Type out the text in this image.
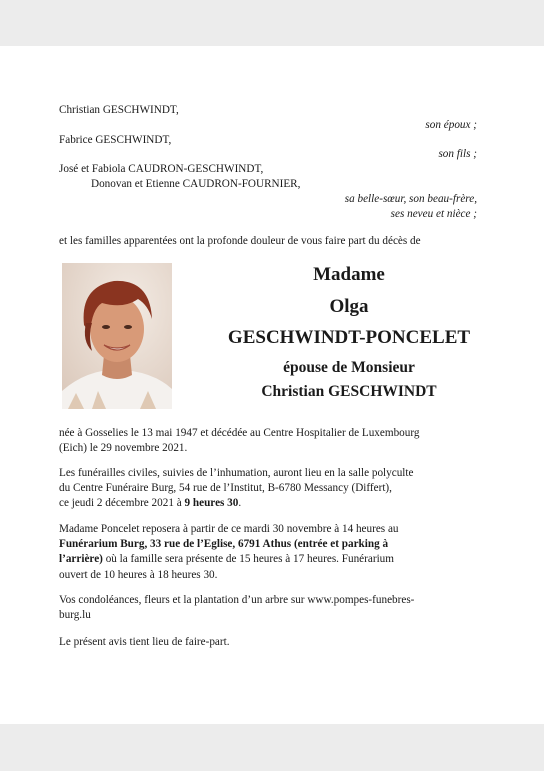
Christian GESCHWINDT,
son époux ;
Fabrice GESCHWINDT,
son fils ;
José et Fabiola CAUDRON-GESCHWINDT,
Donovan et Etienne CAUDRON-FOURNIER,
sa belle-sœur, son beau-frère,
ses neveu et nièce ;
et les familles apparentées ont la profonde douleur de vous faire part du décès de
Madame
Olga
GESCHWINDT-PONCELET
épouse de Monsieur
Christian GESCHWINDT

née à Gosselies le 13 mai 1947 et décédée au Centre Hospitalier de Luxembourg

(Eich) le 29 novembre 2021.

Les funérailles civiles, suivies de l’inhumation, auront lieu en la salle polyculte

du Centre Funéraire Burg, 54 rue de l’Institut, B-6780 Messancy (Differt),

ce jeudi 2 décembre 2021 à 9 heures 30.

Madame Poncelet reposera à partir de ce mardi 30 novembre à 14 heures au

Funérarium Burg, 33 rue de l’Eglise, 6791 Athus (entrée et parking à

l’arrière) où la famille sera présente de 15 heures à 17 heures. Funérarium

ouvert de 10 heures à 18 heures 30.

Vos condoléances, fleurs et la plantation d’un arbre sur www.pompes-funebres-

burg.lu

Le présent avis tient lieu de faire-part.
